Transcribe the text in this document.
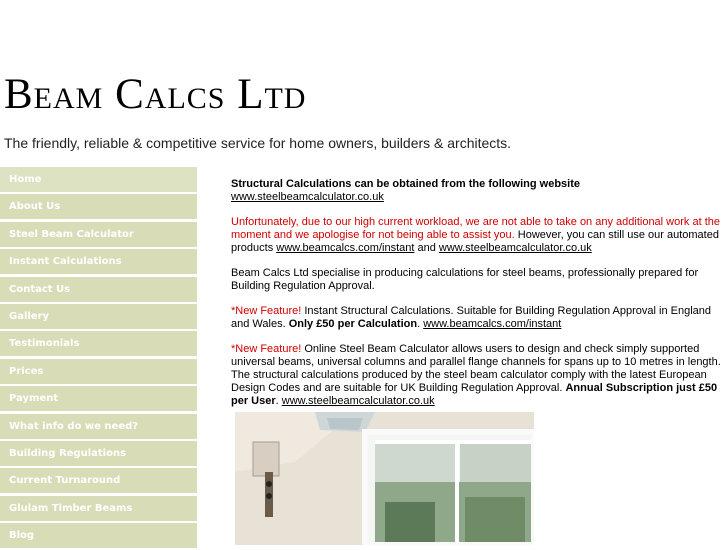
Beam Calcs Ltd
The friendly, reliable & competitive service for home owners, builders & architects.
Home
About Us
Steel Beam Calculator
Instant Calculations
Contact Us
Gallery
Testimonials
Prices
Payment
What info do we need?
Building Regulations
Current Turnaround
Glulam Timber Beams
Blog

Structural Calculations can be obtained from the following website
www.steelbeamcalculator.co.uk

Unfortunately, due to our high current workload, we are not able to take on any additional work at the moment and we apologise for not being able to assist you. However, you can still use our automated products www.beamcalcs.com/instant and www.steelbeamcalculator.co.uk

Beam Calcs Ltd specialise in producing calculations for steel beams, professionally prepared for Building Regulation Approval.

*New Feature! Instant Structural Calculations. Suitable for Building Regulation Approval in England and Wales. Only £50 per Calculation. www.beamcalcs.com/instant

*New Feature! Online Steel Beam Calculator allows users to design and check simply supported universal beams, universal columns and parallel flange channels for spans up to 10 metres in length. The structural calculations produced by the steel beam calculator comply with the latest European Design Codes and are suitable for UK Building Regulation Approval. Annual Subscription just £50 per User. www.steelbeamcalculator.co.uk
